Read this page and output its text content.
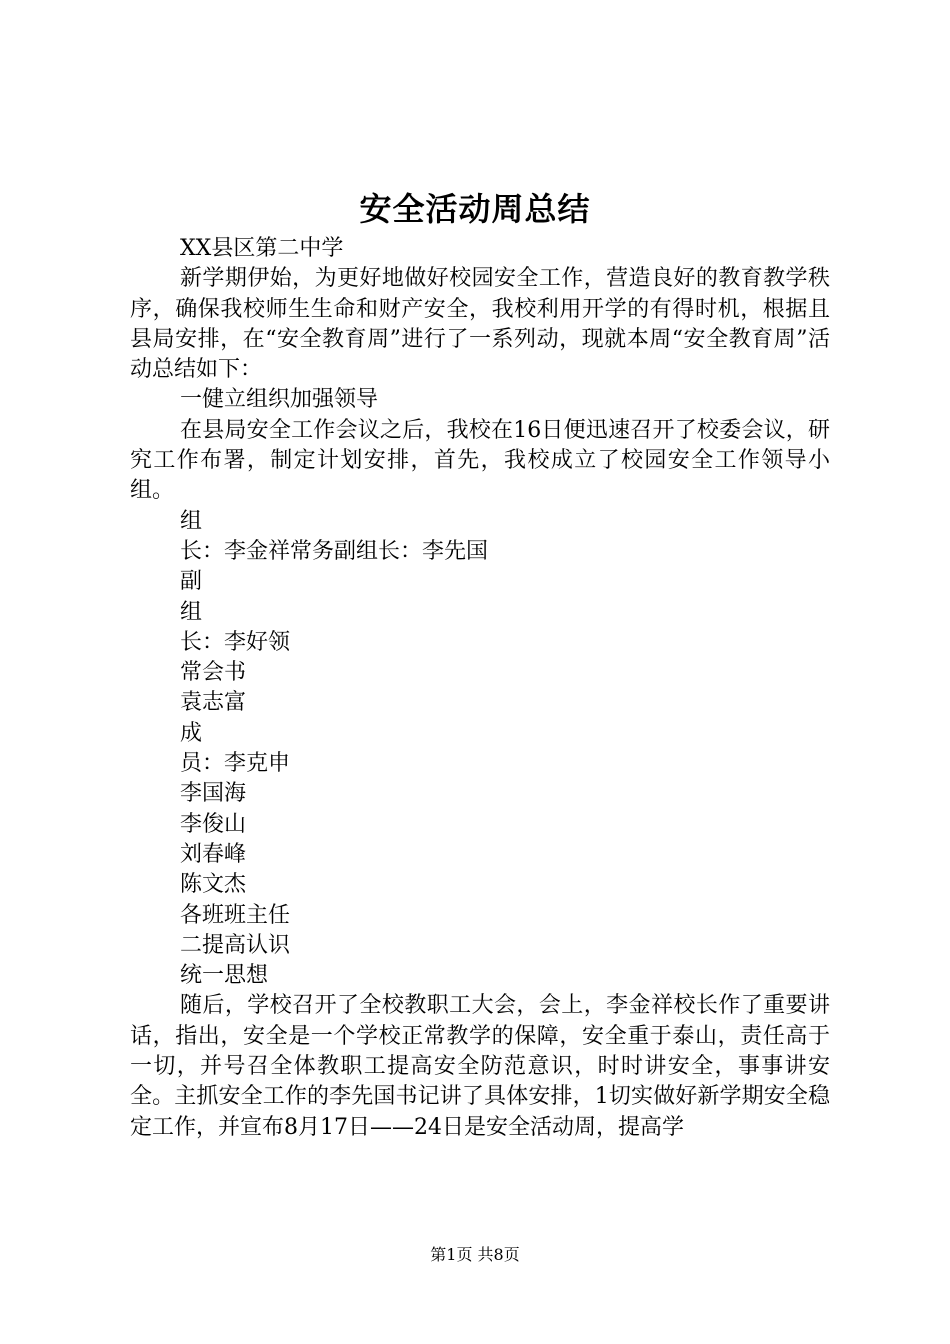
安全活动周总结

XX县区第二中学

新学期伊始，为更好地做好校园安全工作，营造良好的教育教学秩序，确保我校师生生命和财产安全，我校利用开学的有得时机，根据且县局安排，在“安全教育周”进行了一系列动，现就本周“安全教育周”活动总结如下：

一健立组织加强领导

在县局安全工作会议之后，我校在16日便迅速召开了校委会议，研究工作布署，制定计划安排，首先，我校成立了校园安全工作领导小组。

组

长：李金祥常务副组长：李先国

副

组

长：李好领

常会书

袁志富

成

员：李克申

李国海

李俊山

刘春峰

陈文杰

各班班主任

二提高认识

统一思想

随后，学校召开了全校教职工大会，会上，李金祥校长作了重要讲话，指出，安全是一个学校正常教学的保障，安全重于泰山，责任高于一切，并号召全体教职工提高安全防范意识，时时讲安全，事事讲安全。主抓安全工作的李先国书记讲了具体安排，1切实做好新学期安全稳定工作，并宣布8月17日——24日是安全活动周，提高学

第1页 共8页
